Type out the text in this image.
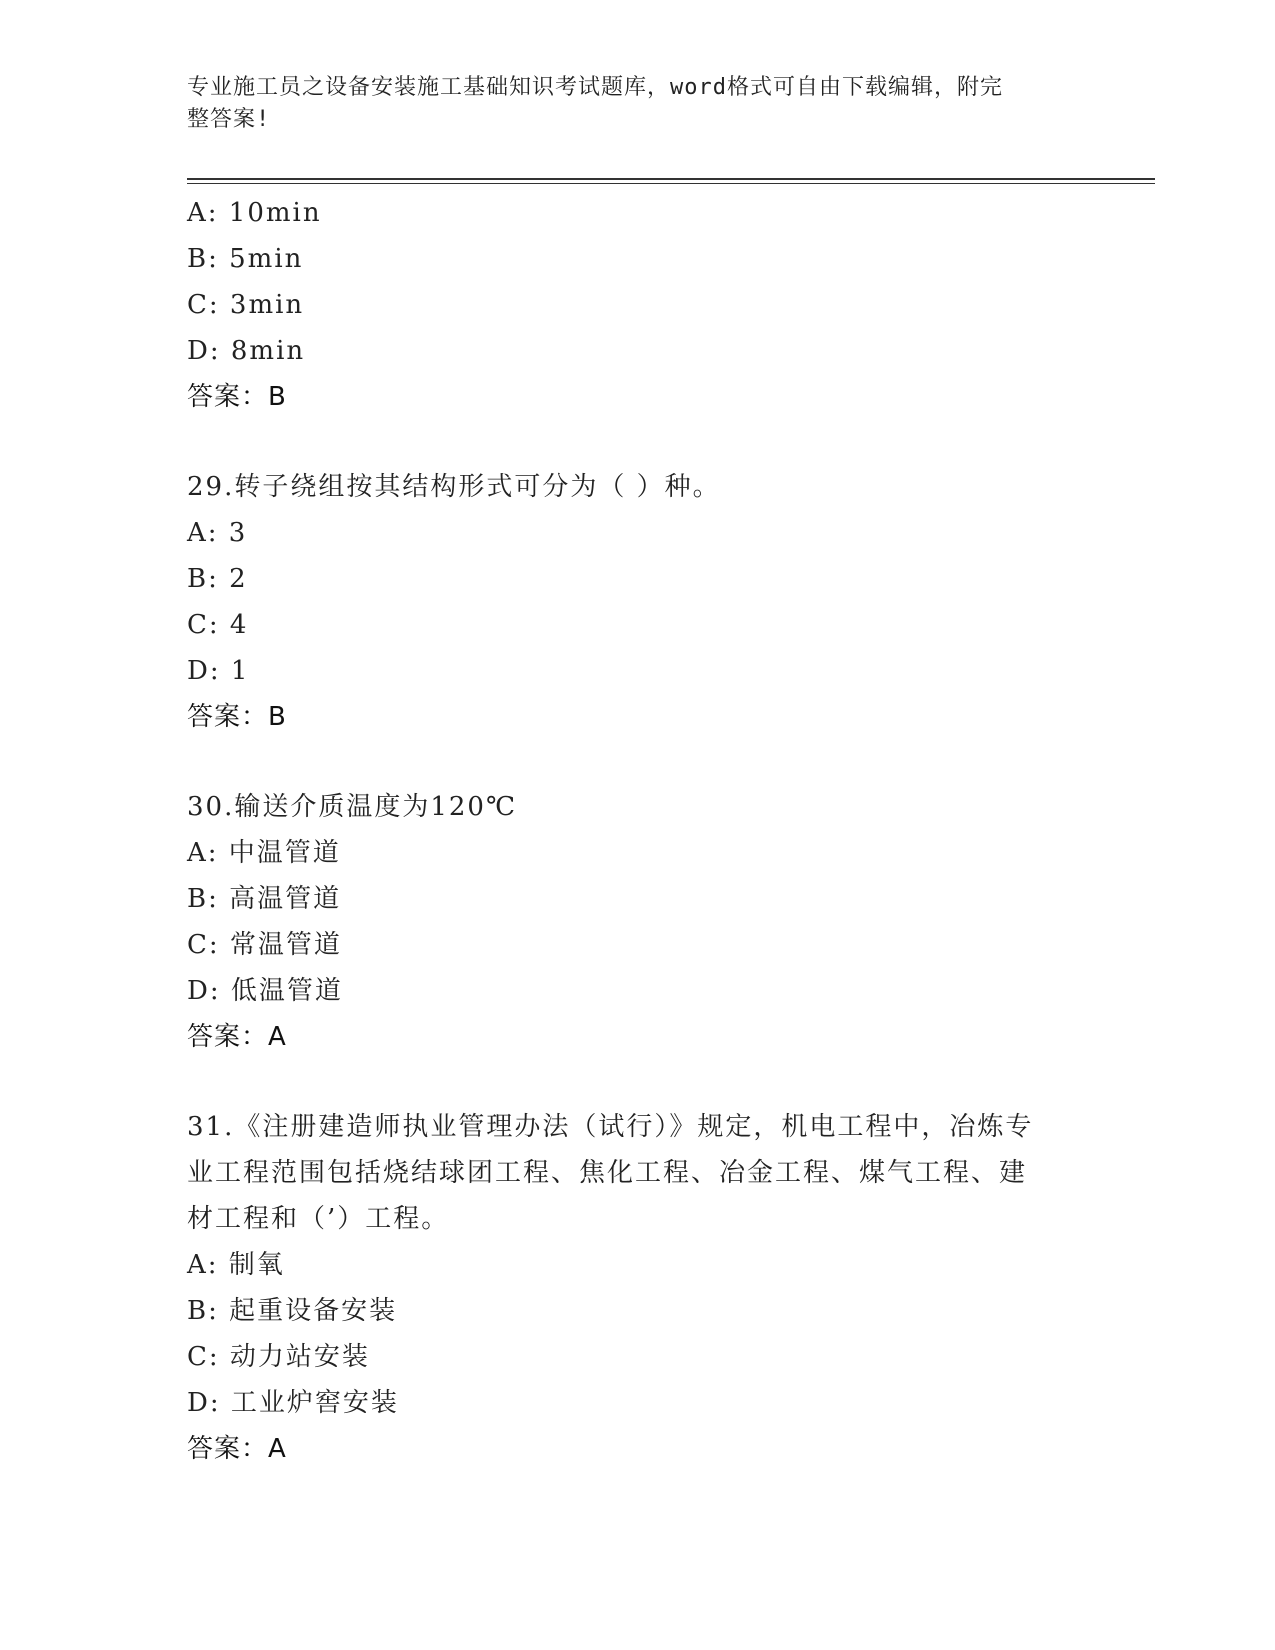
专业施工员之设备安装施工基础知识考试题库，word格式可自由下载编辑，附完
整答案!
A: 10min
B: 5min
C: 3min
D: 8min
答案：B
29.转子绕组按其结构形式可分为（ ）种。
A: 3
B: 2
C: 4
D: 1
答案：B
30.输送介质温度为120℃
A: 中温管道
B: 高温管道
C: 常温管道
D: 低温管道
答案：A
31.《注册建造师执业管理办法（试行）》规定，机电工程中，冶炼专
业工程范围包括烧结球团工程、焦化工程、冶金工程、煤气工程、建
材工程和（’）工程。
A: 制氧
B: 起重设备安装
C: 动力站安装
D: 工业炉窖安装
答案：A
